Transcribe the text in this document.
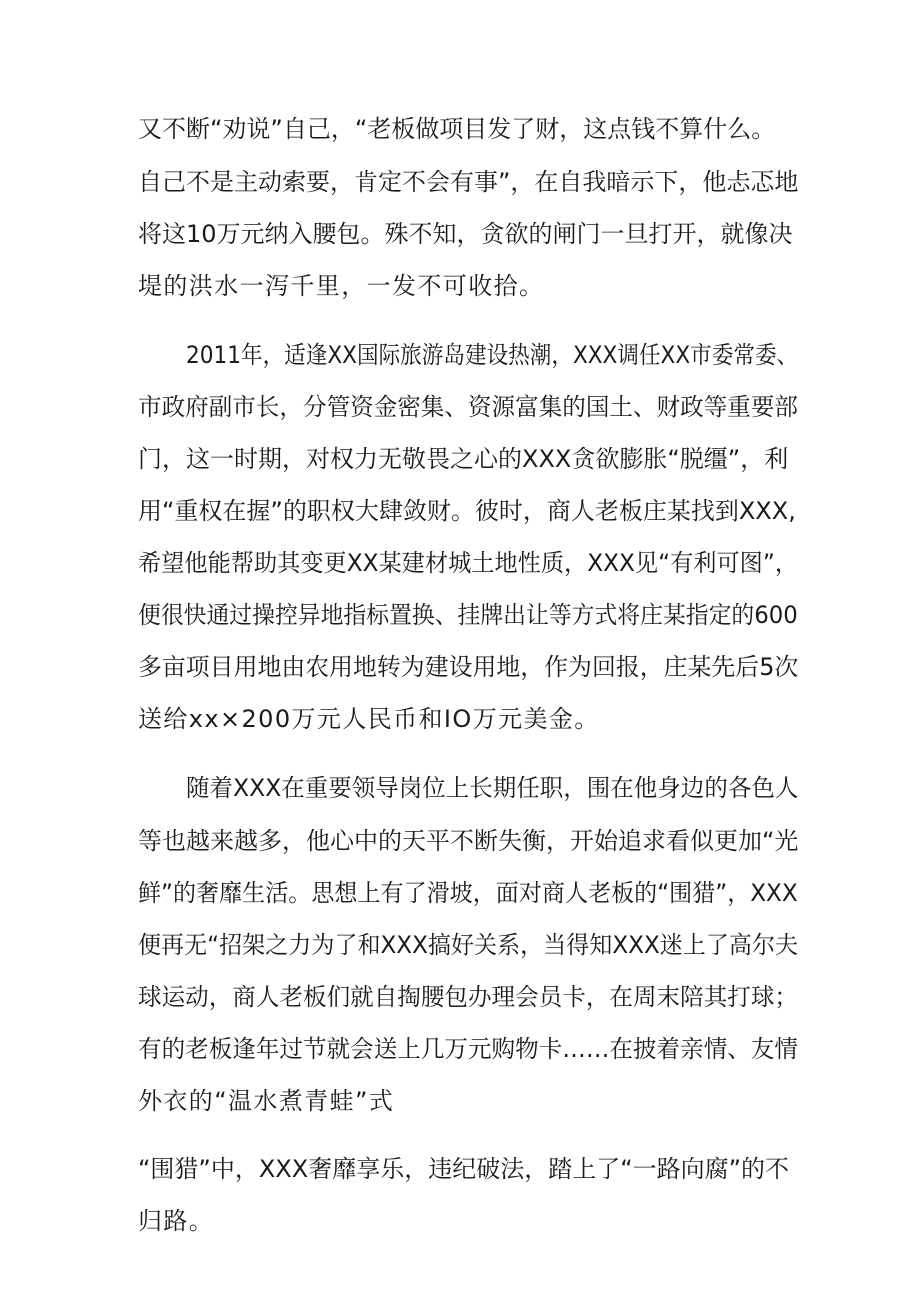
又不断“劝说”自己，“老板做项目发了财，这点钱不算什么。
自己不是主动索要，肯定不会有事”，在自我暗示下，他忐忑地
将这10万元纳入腰包。殊不知，贪欲的闸门一旦打开，就像决
堤的洪水一泻千里，一发不可收拾。
2011年，适逢XX国际旅游岛建设热潮，XXX调任XX市委常委、
市政府副市长，分管资金密集、资源富集的国土、财政等重要部
门，这一时期，对权力无敬畏之心的XXX贪欲膨胀“脱缰”，利
用“重权在握”的职权大肆敛财。彼时，商人老板庄某找到XXX,
希望他能帮助其变更XX某建材城土地性质，XXX见“有利可图”，
便很快通过操控异地指标置换、挂牌出让等方式将庄某指定的600
多亩项目用地由农用地转为建设用地，作为回报，庄某先后5次
送给xx×200万元人民币和IO万元美金。
随着XXX在重要领导岗位上长期任职，围在他身边的各色人
等也越来越多，他心中的天平不断失衡，开始追求看似更加“光
鲜”的奢靡生活。思想上有了滑坡，面对商人老板的“围猎”，XXX
便再无“招架之力为了和XXX搞好关系，当得知XXX迷上了高尔夫
球运动，商人老板们就自掏腰包办理会员卡，在周末陪其打球；
有的老板逢年过节就会送上几万元购物卡……在披着亲情、友情
外衣的“温水煮青蛙”式
“围猎”中，XXX奢靡享乐，违纪破法，踏上了“一路向腐”的不
归路。
